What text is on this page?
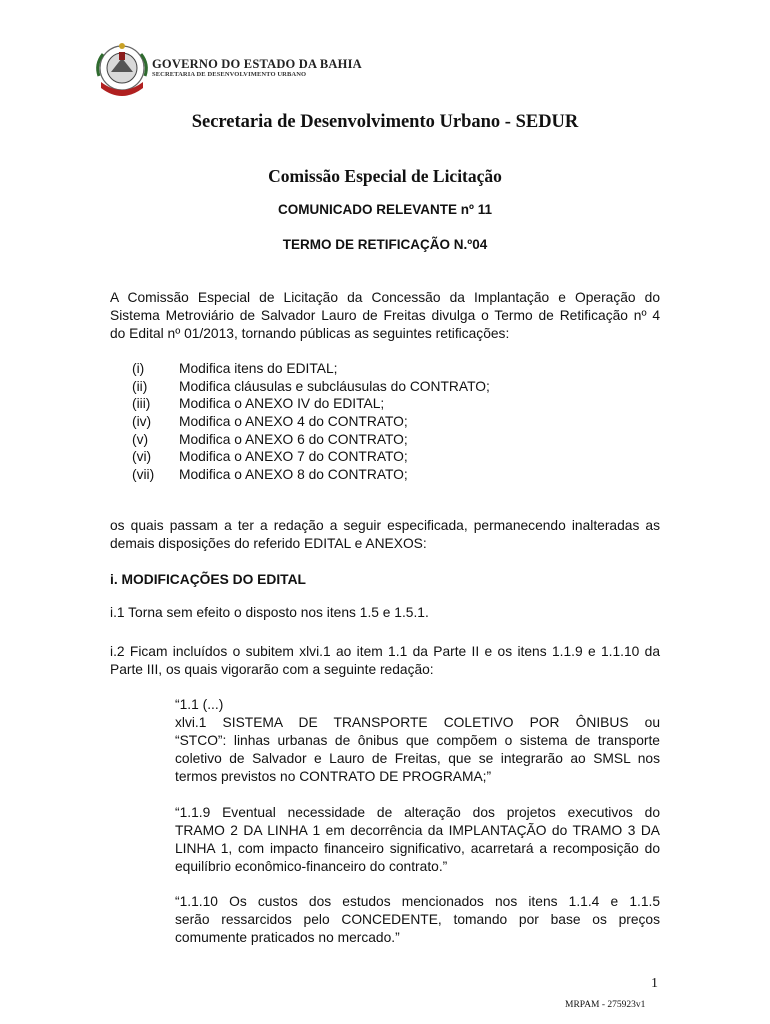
GOVERNO DO ESTADO DA BAHIA
SECRETARIA DE DESENVOLVIMENTO URBANO
Secretaria de Desenvolvimento Urbano - SEDUR
Comissão Especial de Licitação
COMUNICADO RELEVANTE nº 11
TERMO DE RETIFICAÇÃO N.º04
A Comissão Especial de Licitação da Concessão da Implantação e Operação do
Sistema Metroviário de Salvador Lauro de Freitas divulga o Termo de Retificação nº 4
do Edital nº 01/2013, tornando públicas as seguintes retificações:
(i)	Modifica itens do EDITAL;
(ii)	Modifica cláusulas e subcláusulas do CONTRATO;
(iii)	Modifica o ANEXO IV do EDITAL;
(iv)	Modifica o ANEXO 4 do CONTRATO;
(v)	Modifica o ANEXO 6 do CONTRATO;
(vi)	Modifica o ANEXO 7 do CONTRATO;
(vii)	Modifica o ANEXO 8 do CONTRATO;
os quais passam a ter a redação a seguir especificada, permanecendo inalteradas as
demais disposições do referido EDITAL e ANEXOS:
i. MODIFICAÇÕES DO EDITAL
i.1 Torna sem efeito o disposto nos itens 1.5 e 1.5.1.
i.2 Ficam incluídos o subitem xlvi.1 ao item 1.1 da Parte II e os itens 1.1.9 e 1.1.10 da
Parte III, os quais vigorarão com a seguinte redação:
“1.1 (...)
xlvi.1 SISTEMA DE TRANSPORTE COLETIVO POR ÔNIBUS ou
“STCO”: linhas urbanas de ônibus que compõem o sistema de transporte
coletivo de Salvador e Lauro de Freitas, que se integrarão ao SMSL nos
termos previstos no CONTRATO DE PROGRAMA;”
“1.1.9 Eventual necessidade de alteração dos projetos executivos do
TRAMO 2 DA LINHA 1 em decorrência da IMPLANTAÇÃO do TRAMO 3 DA
LINHA 1, com impacto financeiro significativo, acarretará a recomposição do
equilíbrio econômico-financeiro do contrato.”
“1.1.10 Os custos dos estudos mencionados nos itens 1.1.4 e 1.1.5
serão ressarcidos pelo CONCEDENTE, tomando por base os preços
comumente praticados no mercado.”
1
MRPAM - 275923v1
